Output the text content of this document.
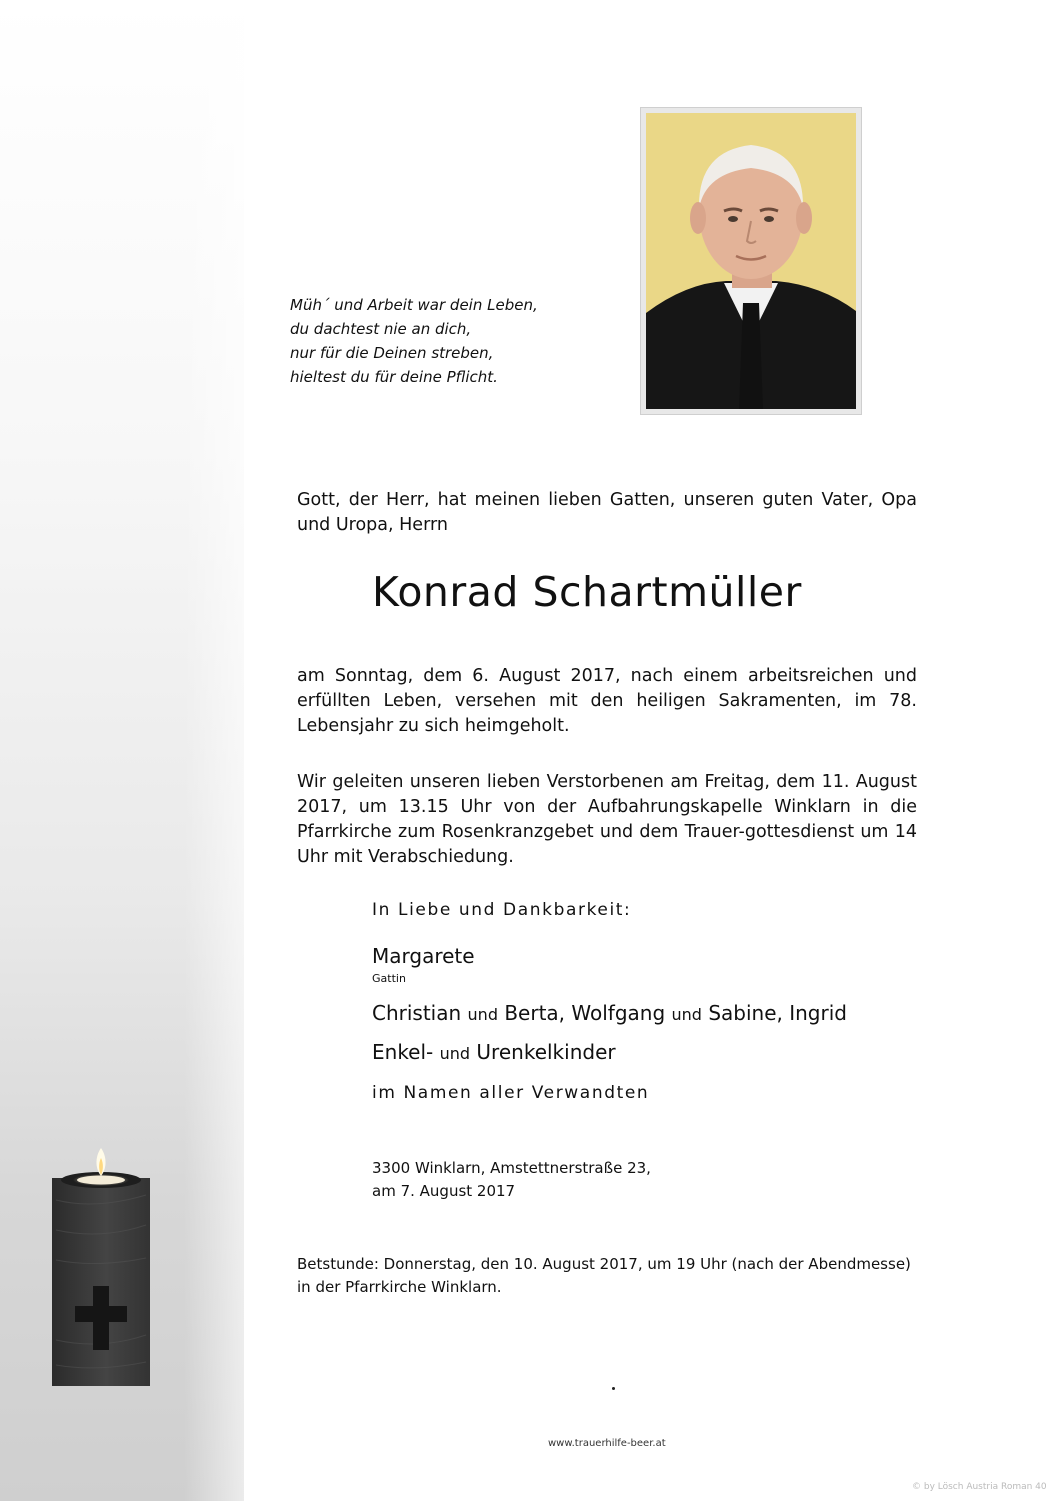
Müh´ und Arbeit war dein Leben,
du dachtest nie an dich,
nur für die Deinen streben,
hieltest du für deine Pflicht.
Gott, der Herr, hat meinen lieben Gatten, unseren guten Vater, Opa und Uropa, Herrn
Konrad Schartmüller
am Sonntag, dem 6. August 2017, nach einem arbeitsreichen und erfüllten Leben, versehen mit den heiligen Sakramenten, im 78. Lebensjahr zu sich heimgeholt.
Wir geleiten unseren lieben Verstorbenen am Freitag, dem 11. August 2017, um 13.15 Uhr von der Aufbahrungskapelle Winklarn in die Pfarrkirche zum Rosenkranzgebet und dem Trauer-gottesdienst um 14 Uhr mit Verabschiedung.
In Liebe und Dankbarkeit:
Margarete
Gattin
Christian und Berta, Wolfgang und Sabine, Ingrid
Enkel- und Urenkelkinder
im Namen aller Verwandten
3300 Winklarn, Amstettnerstraße 23,
am 7. August 2017
Betstunde: Donnerstag, den 10. August 2017, um 19 Uhr (nach der Abendmesse)
in der Pfarrkirche Winklarn.
www.trauerhilfe-beer.at
© by Lösch Austria Roman 40
